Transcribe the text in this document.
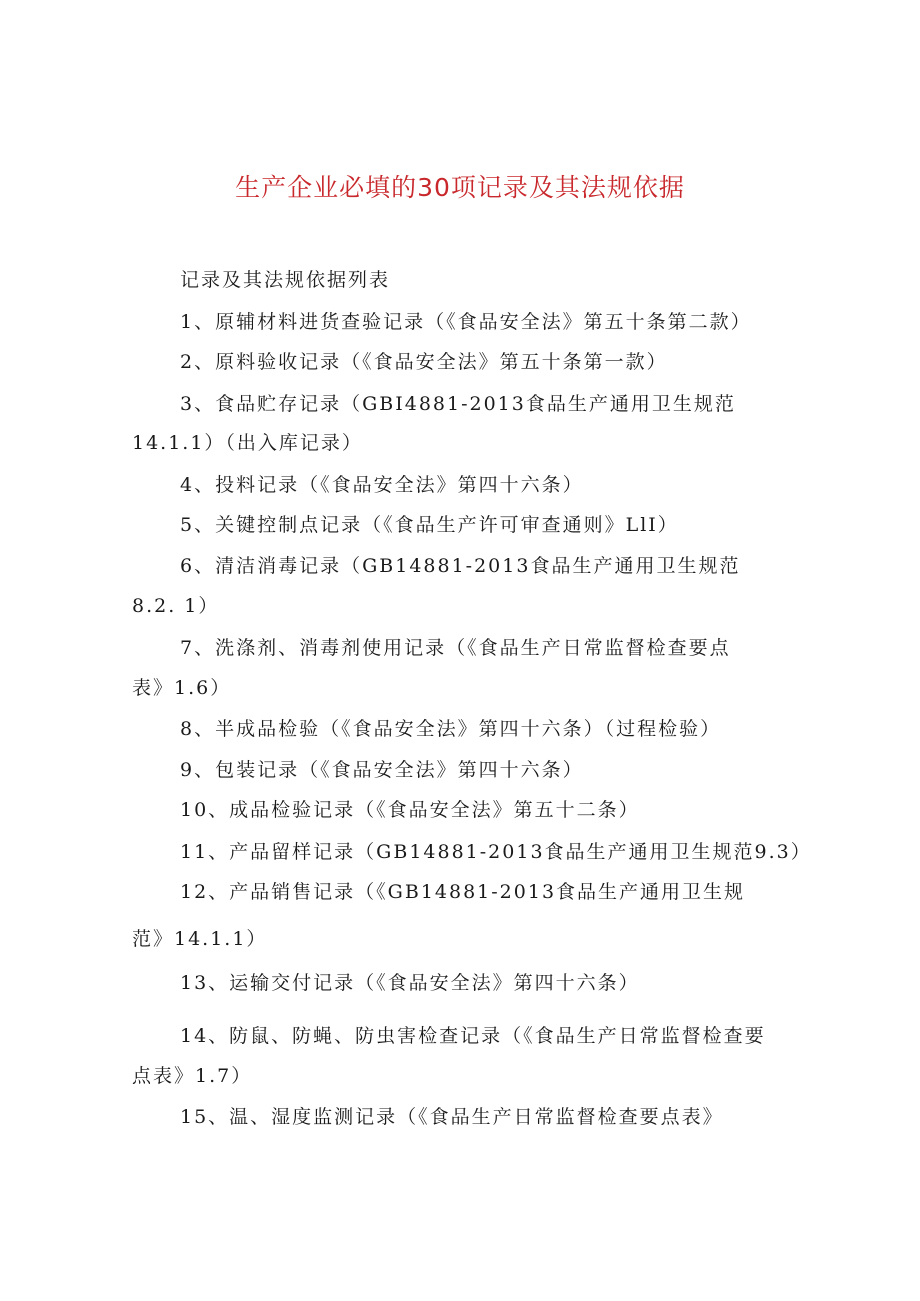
生产企业必填的30项记录及其法规依据
记录及其法规依据列表
1、原辅材料进货查验记录（《食品安全法》第五十条第二款）
2、原料验收记录（《食品安全法》第五十条第一款）
3、食品贮存记录（GBI4881-2013食品生产通用卫生规范
14.1.1）（出入库记录）
4、投料记录（《食品安全法》第四十六条）
5、关键控制点记录（《食品生产许可审查通则》LlI）
6、清洁消毒记录（GB14881-2013食品生产通用卫生规范
8.2. 1）
7、洗涤剂、消毒剂使用记录（《食品生产日常监督检查要点
表》1.6）
8、半成品检验（《食品安全法》第四十六条）（过程检验）
9、包装记录（《食品安全法》第四十六条）
10、成品检验记录（《食品安全法》第五十二条）
11、产品留样记录（GB14881-2013食品生产通用卫生规范9.3）
12、产品销售记录（《GB14881-2013食品生产通用卫生规
范》14.1.1）
13、运输交付记录（《食品安全法》第四十六条）
14、防鼠、防蝇、防虫害检查记录（《食品生产日常监督检查要
点表》1.7）
15、温、湿度监测记录（《食品生产日常监督检查要点表》
